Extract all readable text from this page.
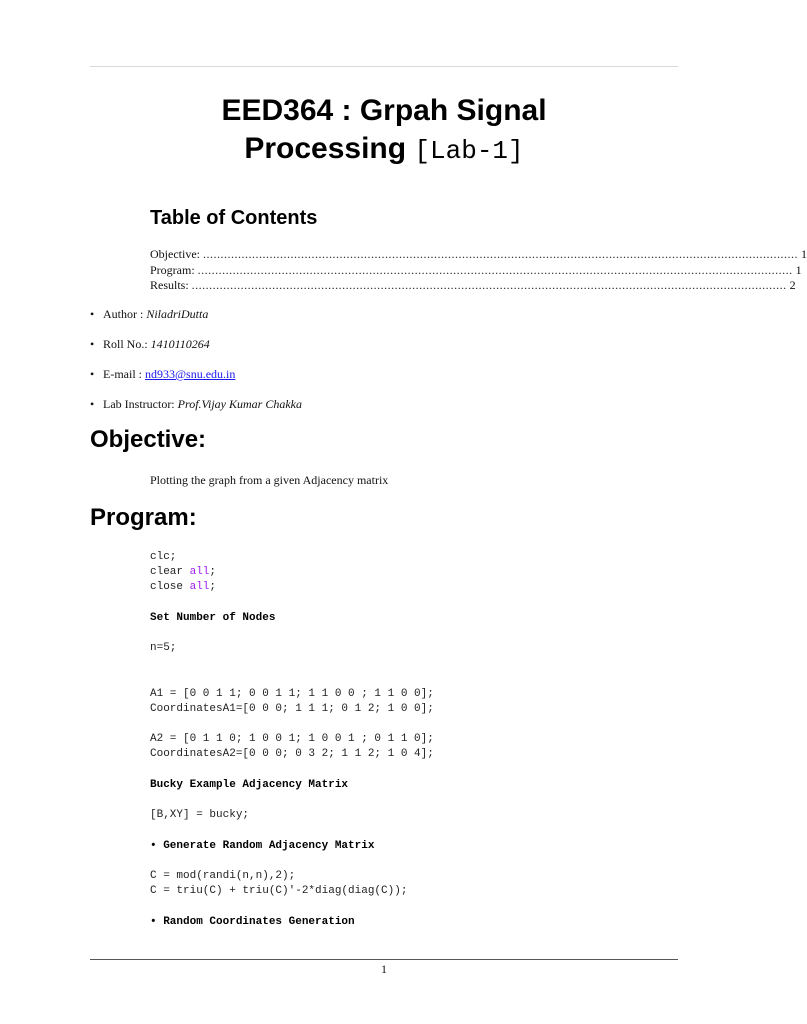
EED364 : Grpah Signal
Processing [Lab-1]
Table of Contents
Objective: .......................................................................................................................................................................... 1
Program: .......................................................................................................................................................................... 1
Results: .......................................................................................................................................................................... 2
• Author : NiladriDutta
• Roll No.: 1410110264
• E-mail : nd933@snu.edu.in
• Lab Instructor: Prof.Vijay Kumar Chakka
Objective:
Plotting the graph from a given Adjacency matrix
Program:
clc;
clear all;
close all;
Set Number of Nodes
n=5;
A1 = [0 0 1 1; 0 0 1 1; 1 1 0 0 ; 1 1 0 0];
CoordinatesA1=[0 0 0; 1 1 1; 0 1 2; 1 0 0];
A2 = [0 1 1 0; 1 0 0 1; 1 0 0 1 ; 0 1 1 0];
CoordinatesA2=[0 0 0; 0 3 2; 1 1 2; 1 0 4];
Bucky Example Adjacency Matrix
[B,XY] = bucky;
• Generate Random Adjacency Matrix
C = mod(randi(n,n),2);
C = triu(C) + triu(C)'-2*diag(diag(C));
• Random Coordinates Generation
1
